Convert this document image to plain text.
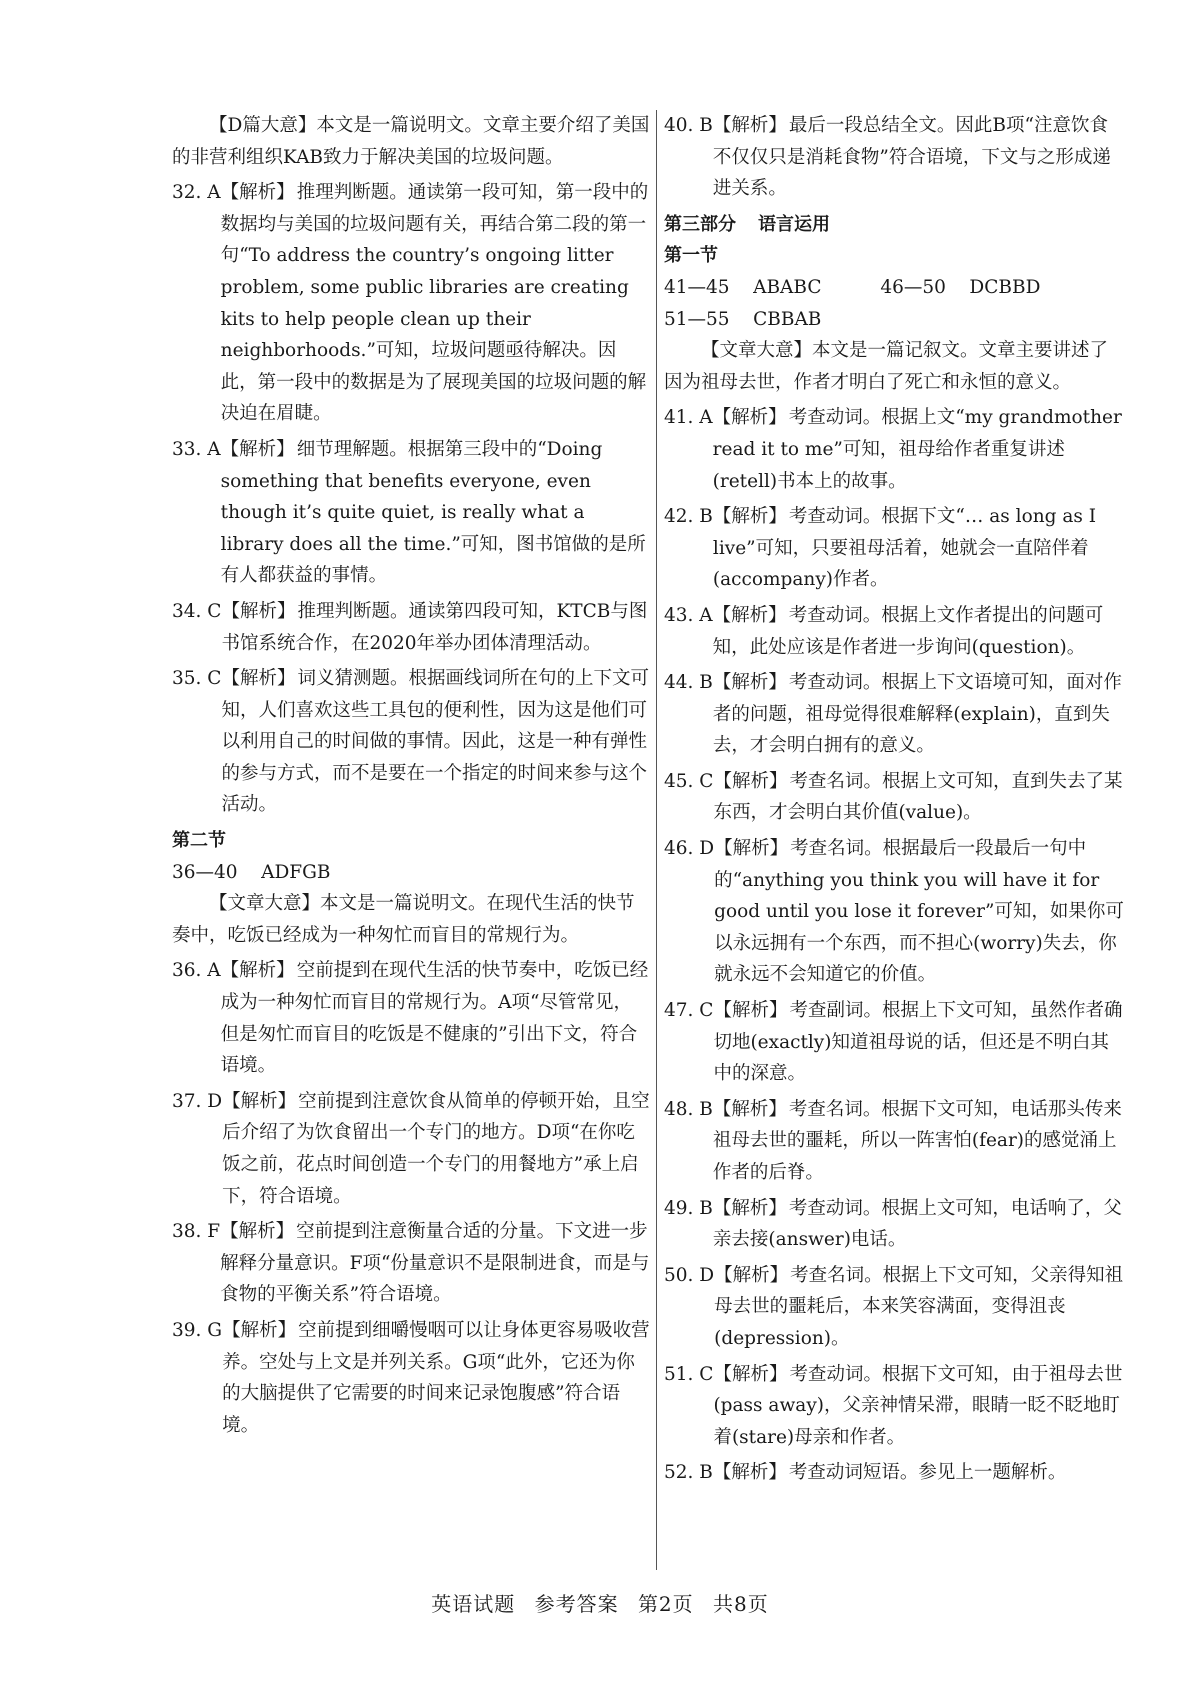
【D篇大意】本文是一篇说明文。文章主要介绍了美国的非营利组织KAB致力于解决美国的垃圾问题。

32. A 【解析】 推理判断题。通读第一段可知，第一段中的数据均与美国的垃圾问题有关，再结合第二段的第一句“To address the country’s ongoing litter problem, some public libraries are creating kits to help people clean up their neighborhoods.”可知，垃圾问题亟待解决。因此，第一段中的数据是为了展现美国的垃圾问题的解决迫在眉睫。
33. A 【解析】 细节理解题。根据第三段中的“Doing something that benefits everyone, even though it’s quite quiet, is really what a library does all the time.”可知，图书馆做的是所有人都获益的事情。
34. C 【解析】 推理判断题。通读第四段可知，KTCB与图书馆系统合作，在2020年举办团体清理活动。
35. C 【解析】 词义猜测题。根据画线词所在句的上下文可知，人们喜欢这些工具包的便利性，因为这是他们可以利用自己的时间做的事情。因此，这是一种有弹性的参与方式，而不是要在一个指定的时间来参与这个活动。

第二节

36—40    ADFGB

【文章大意】本文是一篇说明文。在现代生活的快节奏中，吃饭已经成为一种匆忙而盲目的常规行为。

36. A 【解析】 空前提到在现代生活的快节奏中，吃饭已经成为一种匆忙而盲目的常规行为。A项“尽管常见，但是匆忙而盲目的吃饭是不健康的”引出下文，符合语境。
37. D 【解析】 空前提到注意饮食从简单的停顿开始，且空后介绍了为饮食留出一个专门的地方。D项“在你吃饭之前，花点时间创造一个专门的用餐地方”承上启下，符合语境。
38. F 【解析】 空前提到注意衡量合适的分量。下文进一步解释分量意识。F项“份量意识不是限制进食，而是与食物的平衡关系”符合语境。
39. G 【解析】 空前提到细嚼慢咽可以让身体更容易吸收营养。空处与上文是并列关系。G项“此外，它还为你的大脑提供了它需要的时间来记录饱腹感”符合语境。
40. B 【解析】 最后一段总结全文。因此B项“注意饮食不仅仅只是消耗食物”符合语境，下文与之形成递进关系。

第三部分 语言运用

第一节

41—45    ABABC          46—50    DCBBD

51—55    CBBAB

【文章大意】本文是一篇记叙文。文章主要讲述了因为祖母去世，作者才明白了死亡和永恒的意义。

41. A 【解析】 考查动词。根据上文“my grandmother read it to me”可知，祖母给作者重复讲述(retell)书本上的故事。
42. B 【解析】 考查动词。根据下文“… as long as I live”可知，只要祖母活着，她就会一直陪伴着(accompany)作者。
43. A 【解析】 考查动词。根据上文作者提出的问题可知，此处应该是作者进一步询问(question)。
44. B 【解析】 考查动词。根据上下文语境可知，面对作者的问题，祖母觉得很难解释(explain)，直到失去，才会明白拥有的意义。
45. C 【解析】 考查名词。根据上文可知，直到失去了某东西，才会明白其价值(value)。
46. D 【解析】 考查名词。根据最后一段最后一句中的“anything you think you will have it for good until you lose it forever”可知，如果你可以永远拥有一个东西，而不担心(worry)失去，你就永远不会知道它的价值。
47. C 【解析】 考查副词。根据上下文可知，虽然作者确切地(exactly)知道祖母说的话，但还是不明白其中的深意。
48. B 【解析】 考查名词。根据下文可知，电话那头传来祖母去世的噩耗，所以一阵害怕(fear)的感觉涌上作者的后脊。
49. B 【解析】 考查动词。根据上文可知，电话响了，父亲去接(answer)电话。
50. D 【解析】 考查名词。根据上下文可知，父亲得知祖母去世的噩耗后，本来笑容满面，变得沮丧(depression)。
51. C 【解析】 考查动词。根据下文可知，由于祖母去世(pass away)，父亲神情呆滞，眼睛一眨不眨地盯着(stare)母亲和作者。
52. B 【解析】 考查动词短语。参见上一题解析。
英语试题 参考答案 第2页 共8页
